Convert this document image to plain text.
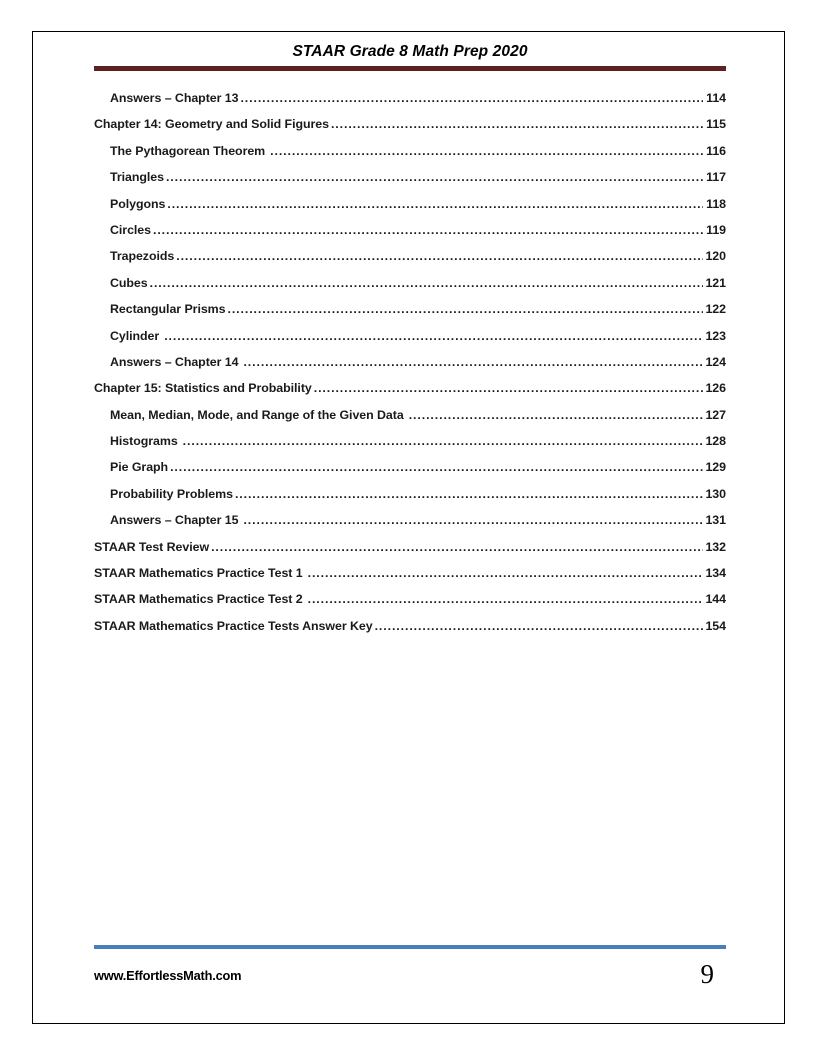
STAAR Grade 8 Math Prep 2020
Answers – Chapter 13 .....	114
Chapter 14: Geometry and Solid Figures .....	115
The Pythagorean Theorem .....	116
Triangles .....	117
Polygons .....	118
Circles .....	119
Trapezoids .....	120
Cubes .....	121
Rectangular Prisms .....	122
Cylinder .....	123
Answers – Chapter 14 .....	124
Chapter 15: Statistics and Probability .....	126
Mean, Median, Mode, and Range of the Given Data .....	127
Histograms .....	128
Pie Graph .....	129
Probability Problems .....	130
Answers – Chapter 15 .....	131
STAAR Test Review .....	132
STAAR Mathematics Practice Test 1 .....	134
STAAR Mathematics Practice Test 2 .....	144
STAAR Mathematics Practice Tests Answer Key .....	154
www.EffortlessMath.com	9
